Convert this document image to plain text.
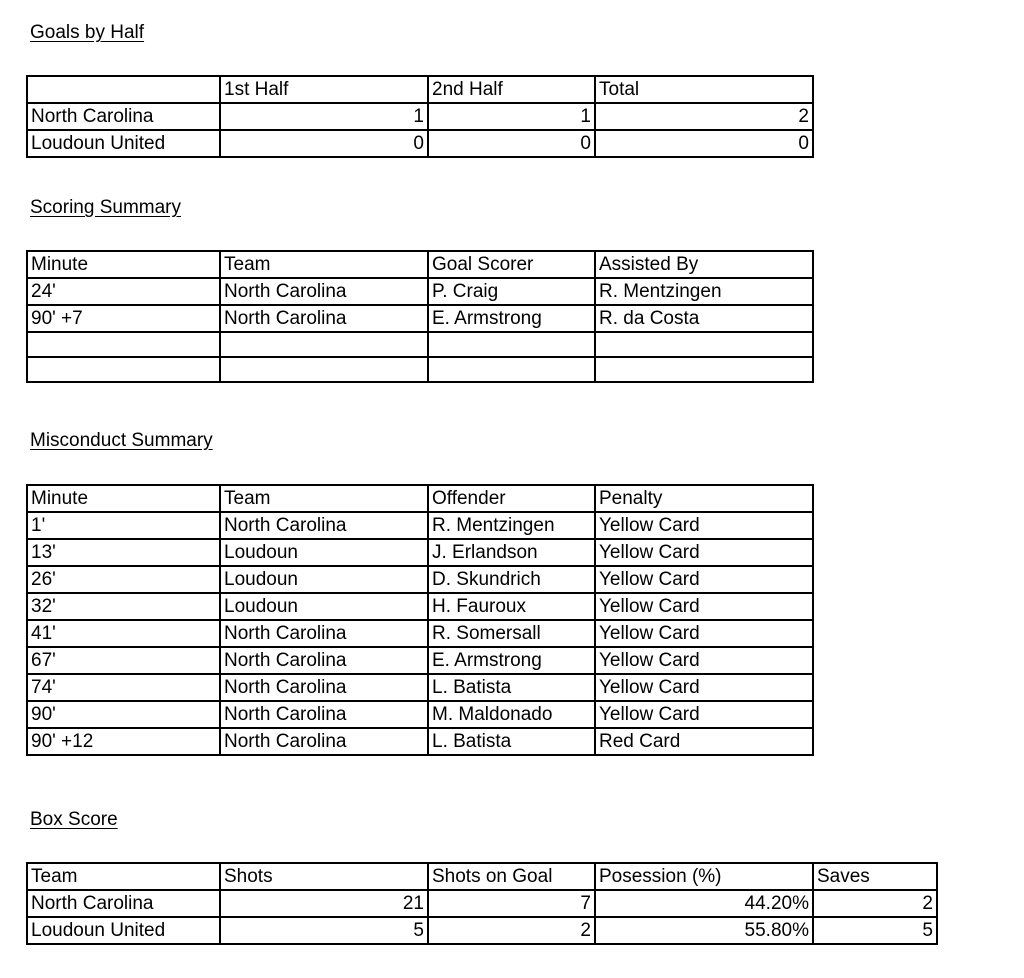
Goals by Half
	1st Half	2nd Half	Total
North Carolina	1	1	2
Loudoun United	0	0	0
Scoring Summary
Minute	Team	Goal Scorer	Assisted By
24'	North Carolina	P. Craig	R. Mentzingen
90' +7	North Carolina	E. Armstrong	R. da Costa

Misconduct Summary
Minute	Team	Offender	Penalty
1'	North Carolina	R. Mentzingen	Yellow Card
13'	Loudoun	J. Erlandson	Yellow Card
26'	Loudoun	D. Skundrich	Yellow Card
32'	Loudoun	H. Fauroux	Yellow Card
41'	North Carolina	R. Somersall	Yellow Card
67'	North Carolina	E. Armstrong	Yellow Card
74'	North Carolina	L. Batista	Yellow Card
90'	North Carolina	M. Maldonado	Yellow Card
90' +12	North Carolina	L. Batista	Red Card
Box Score
Team	Shots	Shots on Goal	Posession (%)	Saves
North Carolina	21	7	44.20%	2
Loudoun United	5	2	55.80%	5
